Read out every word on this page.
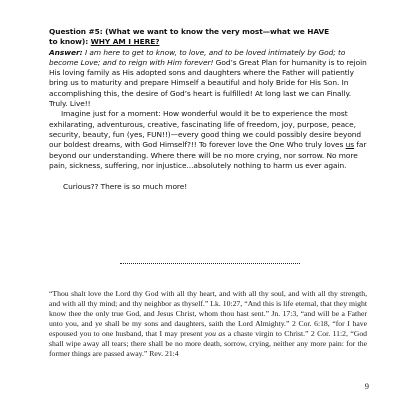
Question #5: (What we want to know the very most—what we HAVE
to know): WHY AM I HERE?

Answer: I am here to get to know, to love, and to be loved intimately by God; to become Love; and to reign with Him forever! God’s Great Plan for humanity is to rejoin His loving family as His adopted sons and daughters where the Father will patiently bring us to maturity and prepare Himself a beautiful and holy Bride for His Son. In accomplishing this, the desire of God’s heart is fulfilled! At long last we can Finally. Truly. Live!!

Imagine just for a moment: How wonderful would it be to experience the most exhilarating, adventurous, creative, fascinating life of freedom, joy, purpose, peace, security, beauty, fun (yes, FUN!!)—every good thing we could possibly desire beyond our boldest dreams, with God Himself?!! To forever love the One Who truly loves us far beyond our understanding. Where there will be no more crying, nor sorrow. No more pain, sickness, suffering, nor injustice...absolutely nothing to harm us ever again.

Curious?? There is so much more!

“Thou shalt love the Lord thy God with all thy heart, and with all thy soul, and with all thy strength, and with all thy mind; and thy neighbor as thyself.” Lk. 10:27, “And this is life eternal, that they might know thee the only true God, and Jesus Christ, whom thou hast sent.” Jn. 17:3, “and will be a Father unto you, and ye shall be my sons and daughters, saith the Lord Almighty.” 2 Cor. 6:18, “for I have espoused you to one husband, that I may present you as a chaste virgin to Christ.” 2 Cor. 11:2, “God shall wipe away all tears; there shall be no more death, sorrow, crying, neither any more pain: for the former things are passed away.” Rev. 21:4

9
